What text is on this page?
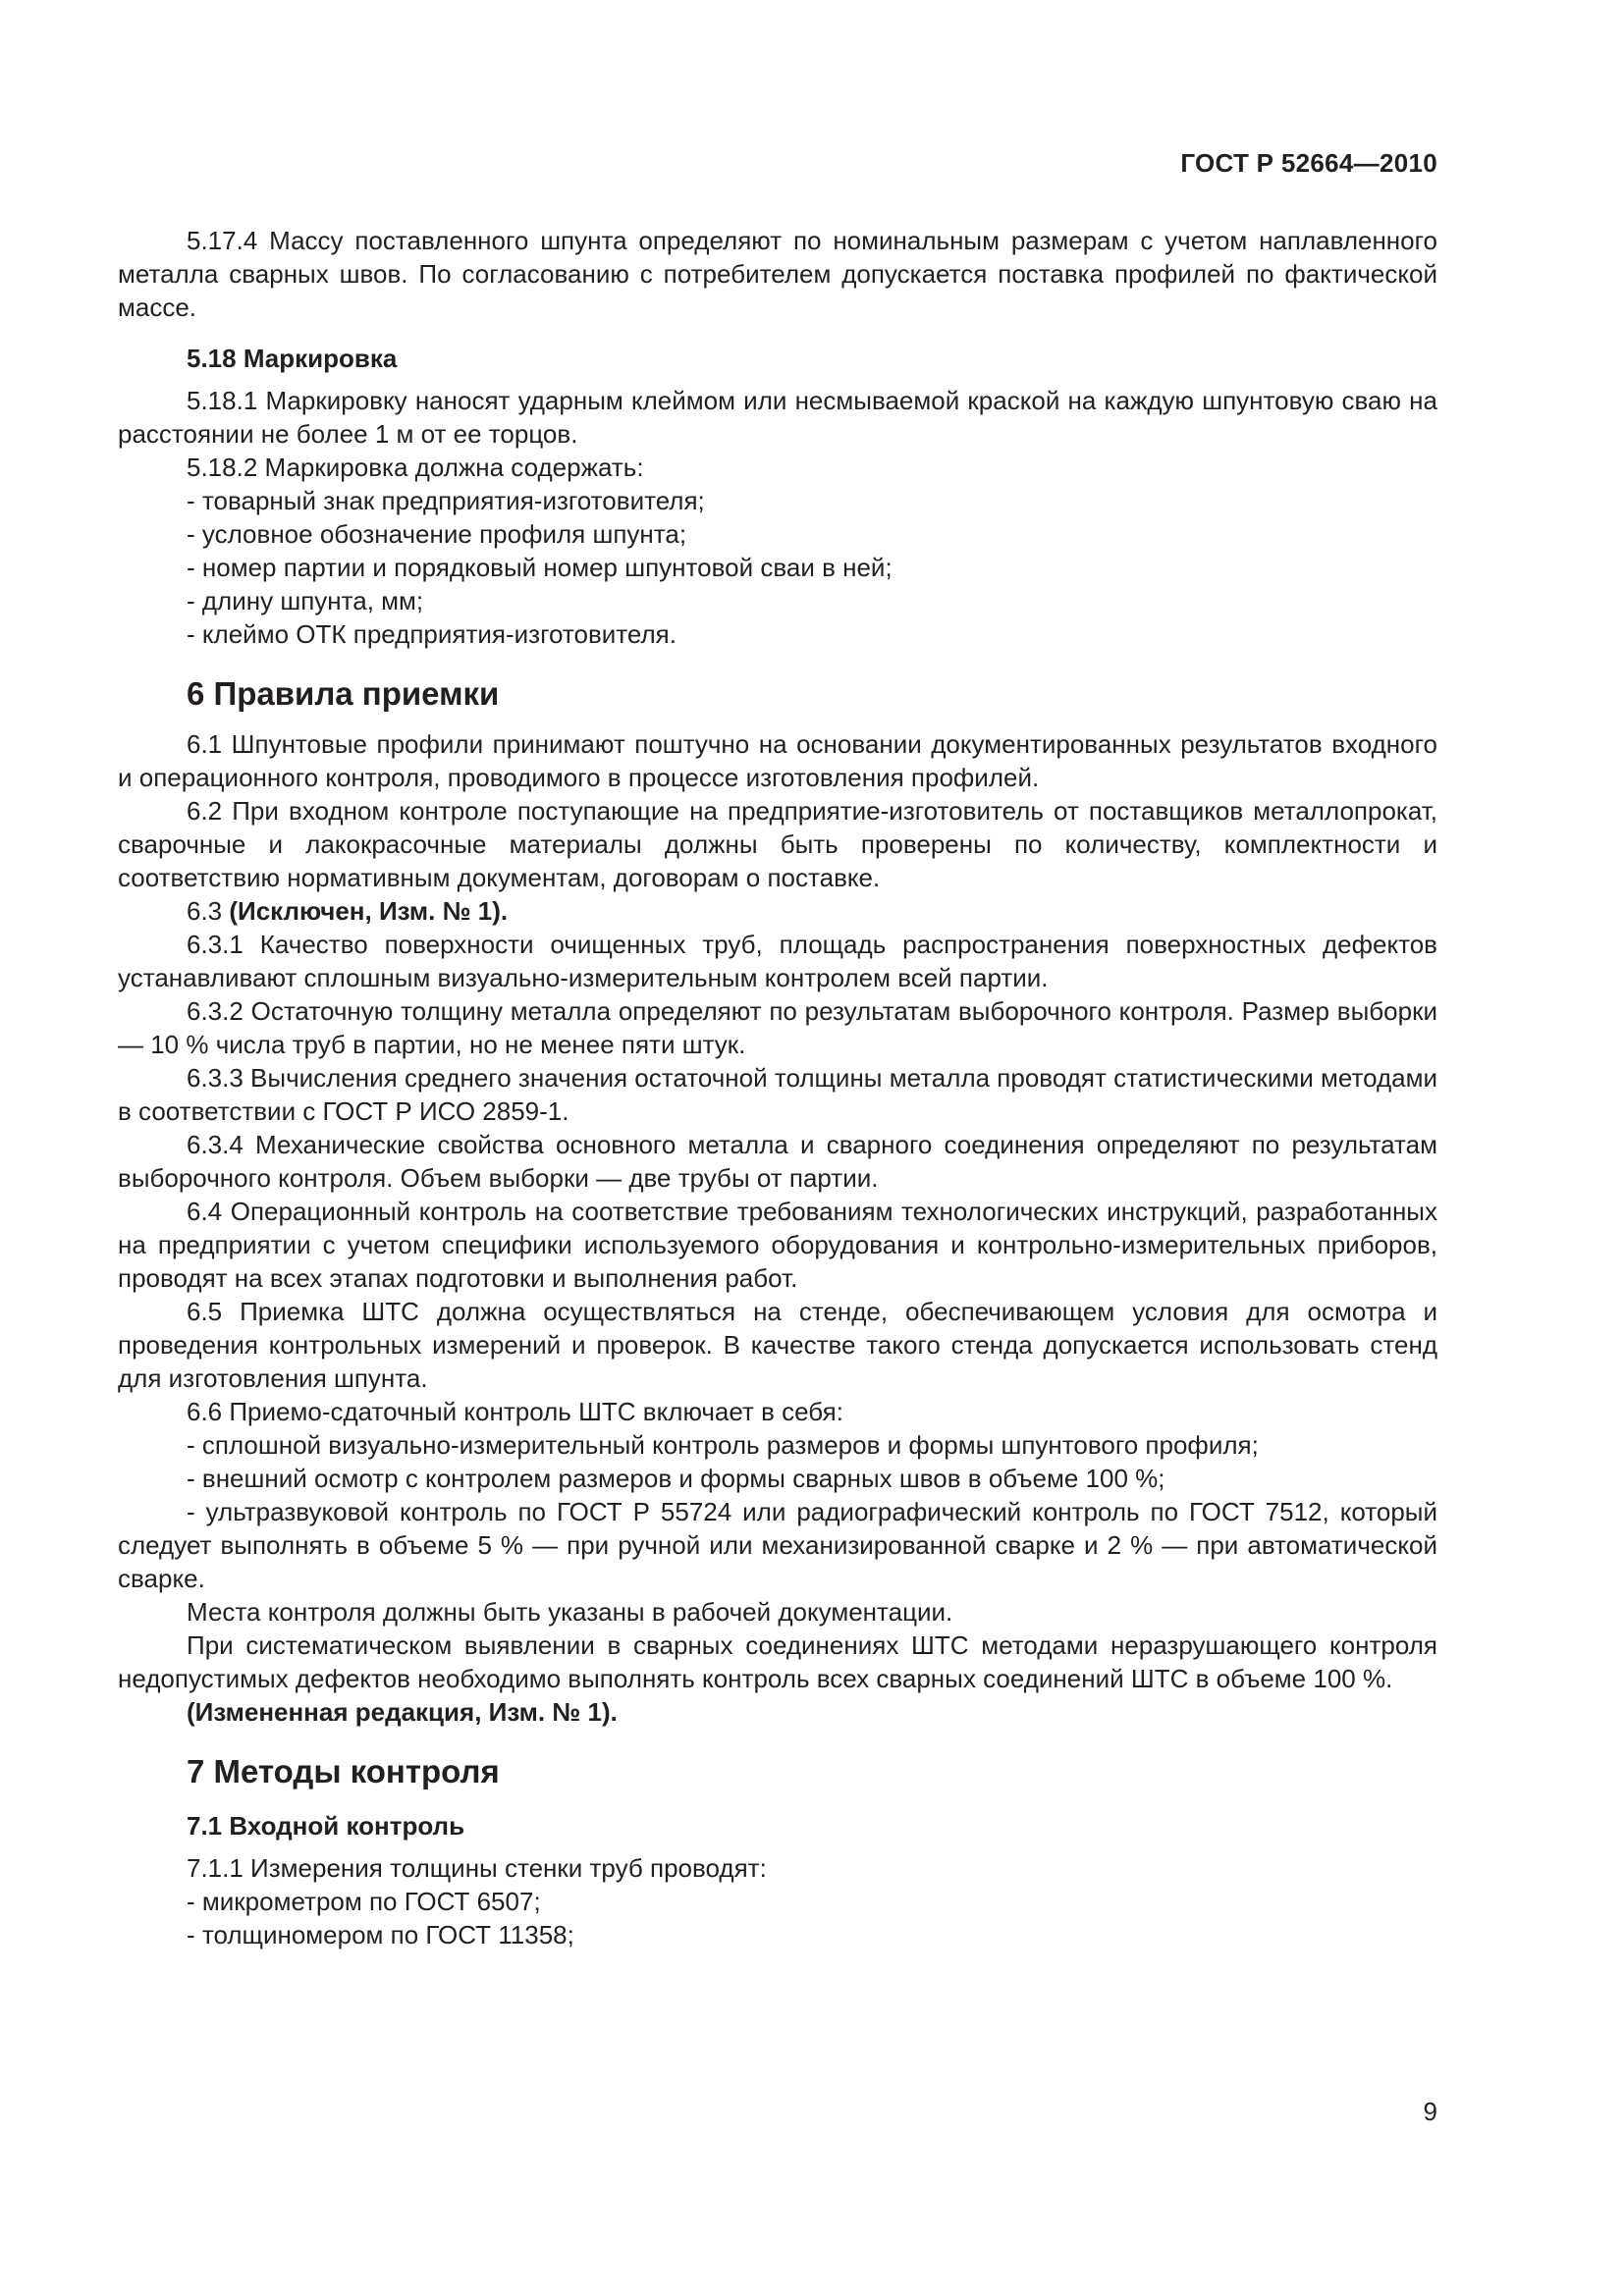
ГОСТ Р 52664—2010

5.17.4 Массу поставленного шпунта определяют по номинальным размерам с учетом наплавленного металла сварных швов. По согласованию с потребителем допускается поставка профилей по фактической массе.

5.18 Маркировка

5.18.1 Маркировку наносят ударным клеймом или несмываемой краской на каждую шпунтовую сваю на расстоянии не более 1 м от ее торцов.

5.18.2 Маркировка должна содержать:

- товарный знак предприятия-изготовителя;

- условное обозначение профиля шпунта;

- номер партии и порядковый номер шпунтовой сваи в ней;

- длину шпунта, мм;

- клеймо ОТК предприятия-изготовителя.

6 Правила приемки

6.1 Шпунтовые профили принимают поштучно на основании документированных результатов входного и операционного контроля, проводимого в процессе изготовления профилей.

6.2 При входном контроле поступающие на предприятие-изготовитель от поставщиков металлопрокат, сварочные и лакокрасочные материалы должны быть проверены по количеству, комплектности и соответствию нормативным документам, договорам о поставке.

6.3 (Исключен, Изм. № 1).

6.3.1 Качество поверхности очищенных труб, площадь распространения поверхностных дефектов устанавливают сплошным визуально-измерительным контролем всей партии.

6.3.2 Остаточную толщину металла определяют по результатам выборочного контроля. Размер выборки — 10 % числа труб в партии, но не менее пяти штук.

6.3.3 Вычисления среднего значения остаточной толщины металла проводят статистическими методами в соответствии с ГОСТ Р ИСО 2859-1.

6.3.4 Механические свойства основного металла и сварного соединения определяют по результатам выборочного контроля. Объем выборки — две трубы от партии.

6.4 Операционный контроль на соответствие требованиям технологических инструкций, разработанных на предприятии с учетом специфики используемого оборудования и контрольно-измерительных приборов, проводят на всех этапах подготовки и выполнения работ.

6.5 Приемка ШТС должна осуществляться на стенде, обеспечивающем условия для осмотра и проведения контрольных измерений и проверок. В качестве такого стенда допускается использовать стенд для изготовления шпунта.

6.6 Приемо-сдаточный контроль ШТС включает в себя:

- сплошной визуально-измерительный контроль размеров и формы шпунтового профиля;

- внешний осмотр с контролем размеров и формы сварных швов в объеме 100 %;

- ультразвуковой контроль по ГОСТ Р 55724 или радиографический контроль по ГОСТ 7512, который следует выполнять в объеме 5 % — при ручной или механизированной сварке и 2 % — при автоматической сварке.

Места контроля должны быть указаны в рабочей документации.

При систематическом выявлении в сварных соединениях ШТС методами неразрушающего контроля недопустимых дефектов необходимо выполнять контроль всех сварных соединений ШТС в объеме 100 %.

(Измененная редакция, Изм. № 1).

7 Методы контроля

7.1 Входной контроль

7.1.1 Измерения толщины стенки труб проводят:

- микрометром по ГОСТ 6507;

- толщиномером по ГОСТ 11358;

9
